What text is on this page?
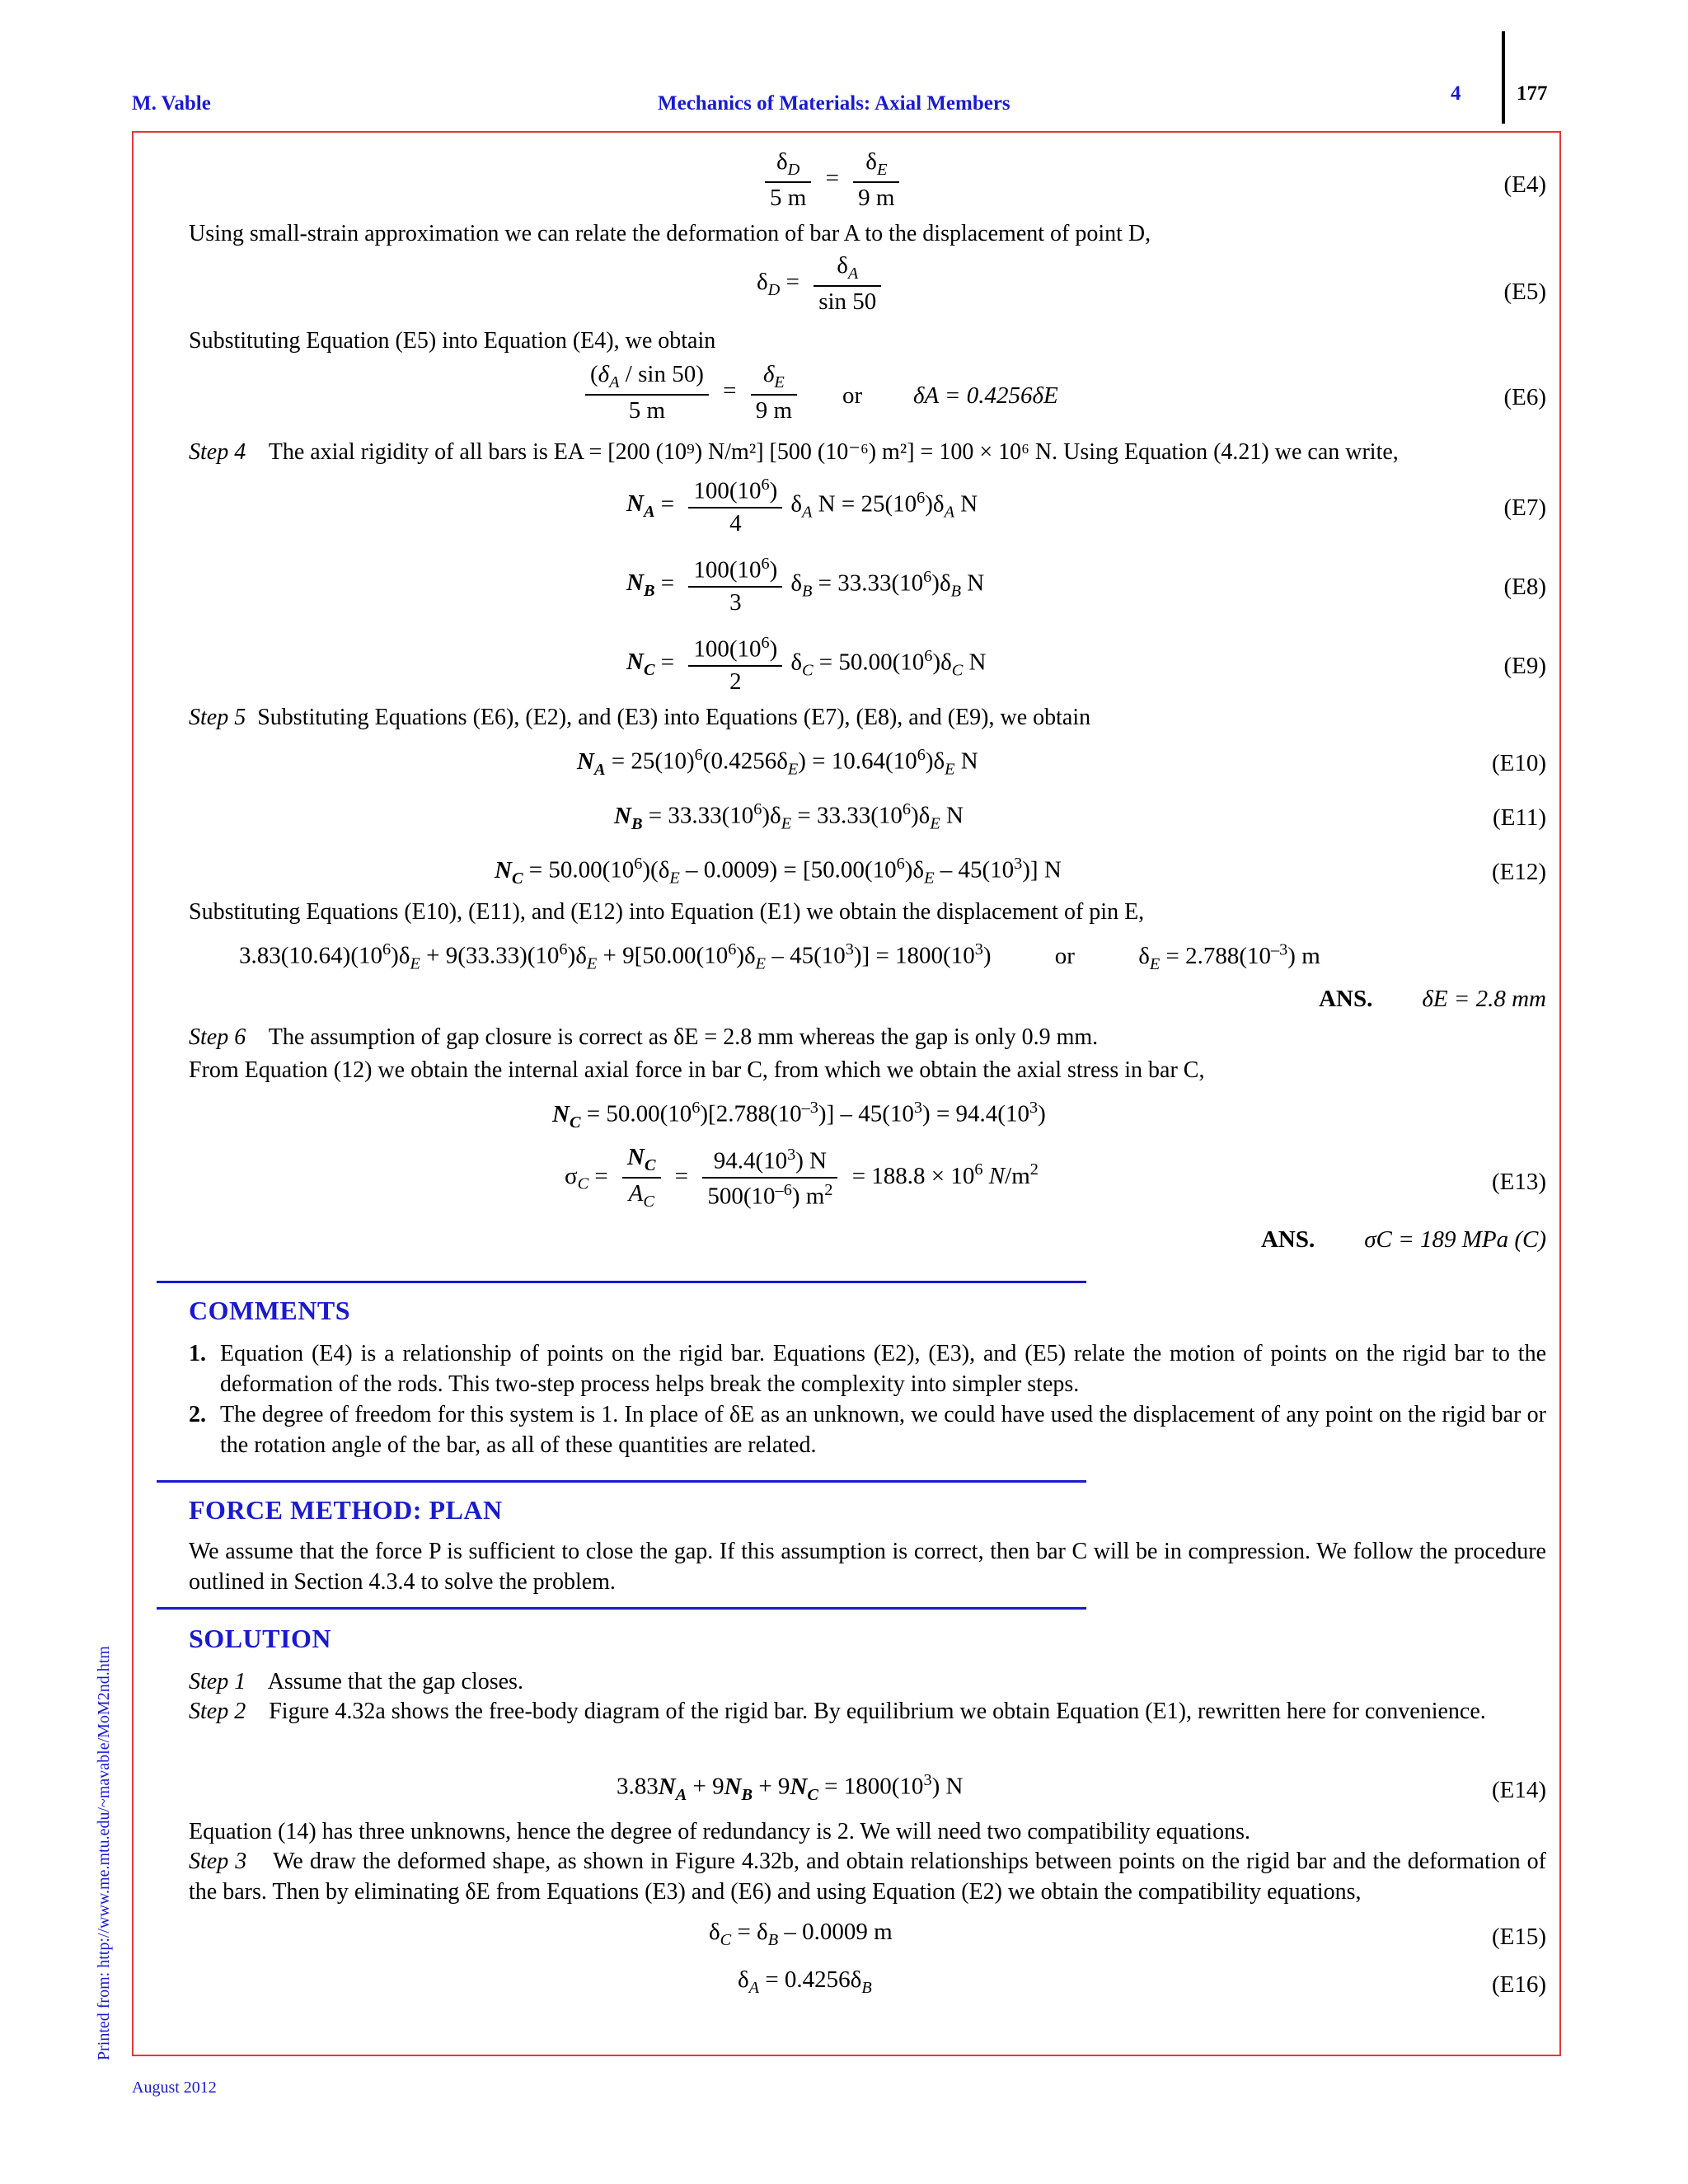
M. Vable	Mechanics of Materials: Axial Members	4	177
$\frac{\delta_D}{5 m} = \frac{\delta_E}{9 m}$	(E4)
Using small-strain approximation we can relate the deformation of bar A to the displacement of point D,
$\delta_D = \frac{\delta_A}{\sin 50}$	(E5)
Substituting Equation (E5) into Equation (E4), we obtain
$\frac{(\delta_A / \sin 50)}{5 m} = \frac{\delta_E}{9 m}$ or δA = 0.4256δE	(E6)
Step 4 The axial rigidity of all bars is EA = [200 (10⁹) N/m²] [500 (10⁻⁶) m²] = 100 × 10⁶ N. Using Equation (4.21) we can write,
$N_A = \frac{100(10^6)}{4} \delta_A$ $N = 25(10^6)\delta_A$ N	(E7)
$N_B = \frac{100(10^6)}{3} \delta_B = 33.33(10^6)\delta_B$ N	(E8)
$N_C = \frac{100(10^6)}{2} \delta_C = 50.00(10^6)\delta_C$ N	(E9)
Step 5 Substituting Equations (E6), (E2), and (E3) into Equations (E7), (E8), and (E9), we obtain
$N_A = 25(10)^6(0.4256\delta_E) = 10.64(10^6)\delta_E$ N	(E10)
$N_B = 33.33(10^6)\delta_E = 33.33(10^6)\delta_E$ N	(E11)
$N_C = 50.00(10^6)(\delta_E - 0.0009) = [50.00(10^6)\delta_E - 45(10^3)]$ N	(E12)
Substituting Equations (E10), (E11), and (E12) into Equation (E1) we obtain the displacement of pin E,
$3.83(10.64)(10^6)\delta_E + 9(33.33)(10^6)\delta_E + 9[50.00(10^6)\delta_E - 45(10^3)] = 1800(10^3)$ or	$\delta_E = 2.788(10^{-3})$ m
ANS. δE = 2.8 mm
Step 6 The assumption of gap closure is correct as δE = 2.8 mm whereas the gap is only 0.9 mm.
From Equation (12) we obtain the internal axial force in bar C, from which we obtain the axial stress in bar C,
$N_C = 50.00(10^6)[2.788(10^{-3})] - 45(10^3) = 94.4(10^3)$
$\sigma_C = \frac{N_C}{A_C} = \frac{94.4(10^3) N}{500(10^{-6}) m^2} = 188.8 \times 10^6$ $N/m^2$	(E13)
ANS. σC = 189 MPa (C)
COMMENTS
1. Equation (E4) is a relationship of points on the rigid bar. Equations (E2), (E3), and (E5) relate the motion of points on the rigid bar to the deformation of the rods. This two-step process helps break the complexity into simpler steps.
2. The degree of freedom for this system is 1. In place of δE as an unknown, we could have used the displacement of any point on the rigid bar or the rotation angle of the bar, as all of these quantities are related.
FORCE METHOD: PLAN
We assume that the force P is sufficient to close the gap. If this assumption is correct, then bar C will be in compression. We follow the procedure outlined in Section 4.3.4 to solve the problem.
SOLUTION
Step 1 Assume that the gap closes.
Step 2 Figure 4.32a shows the free-body diagram of the rigid bar. By equilibrium we obtain Equation (E1), rewritten here for convenience.
$3.83N_A + 9N_B + 9N_C = 1800(10^3)$ N	(E14)
Equation (14) has three unknowns, hence the degree of redundancy is 2. We will need two compatibility equations.
Step 3 We draw the deformed shape, as shown in Figure 4.32b, and obtain relationships between points on the rigid bar and the deformation of the bars. Then by eliminating δE from Equations (E3) and (E6) and using Equation (E2) we obtain the compatibility equations,
$\delta_C = \delta_B - 0.0009$ m	(E15)
$\delta_A = 0.4256\delta_B$	(E16)
Printed from: http://www.me.mtu.edu/~mavable/MoM2nd.htm
August 2012
